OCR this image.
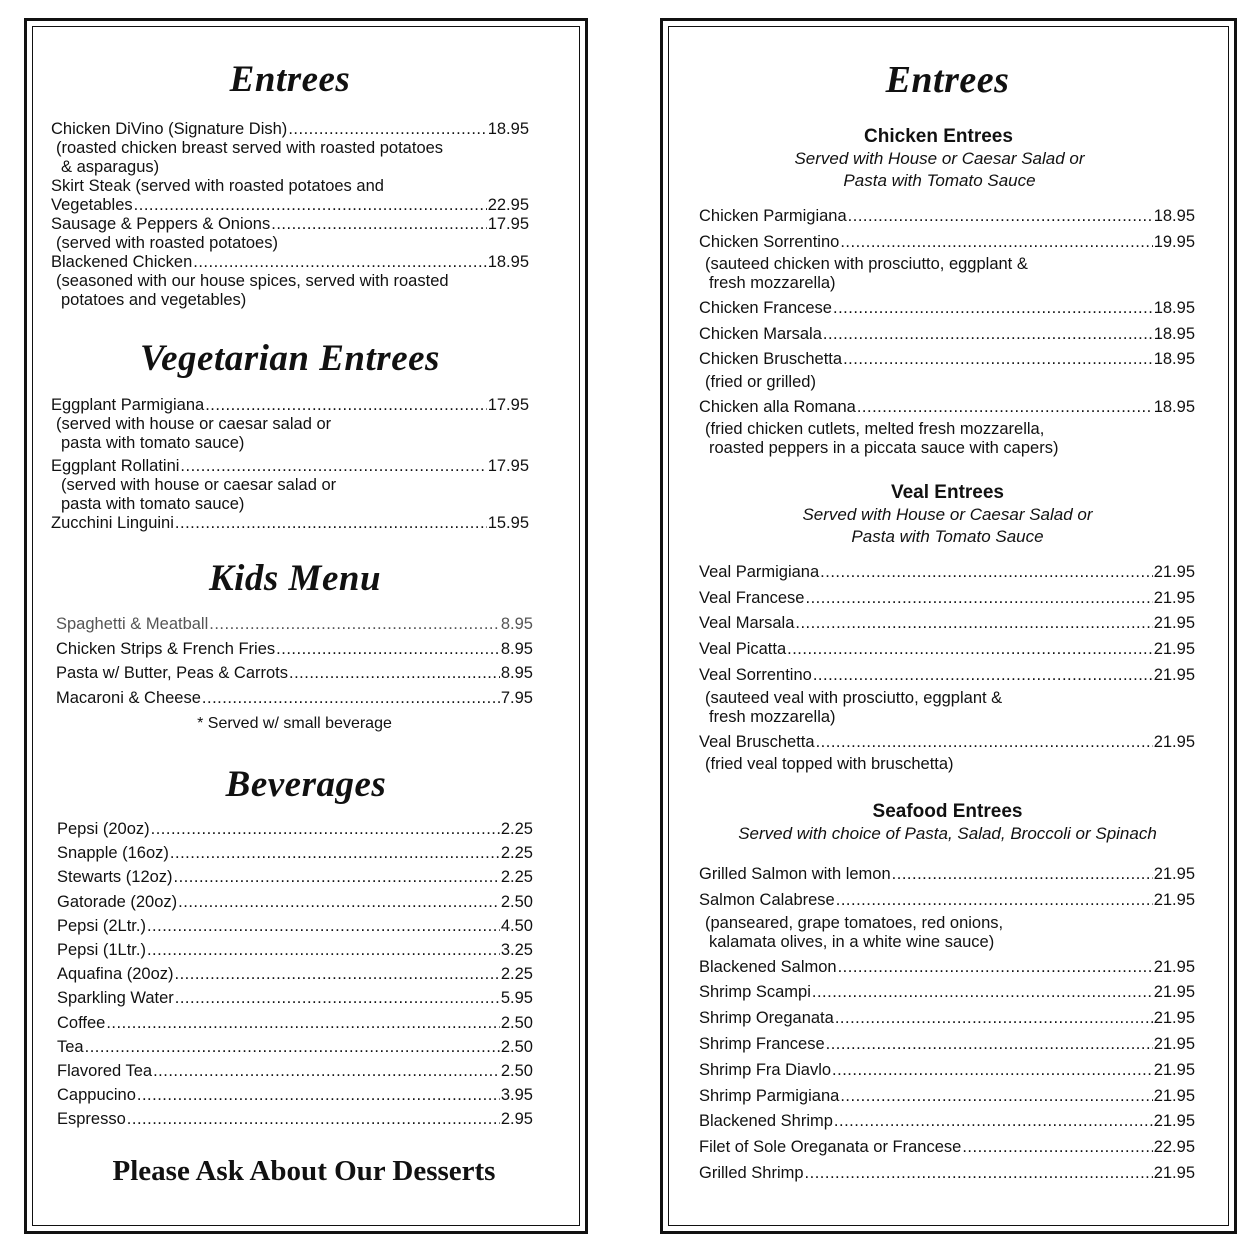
Entrees
Chicken DiVino (Signature Dish) .....	18.95
(roasted chicken breast served with roasted potatoes
& asparagus)
Skirt Steak (served with roasted potatoes and
Vegetables .....	22.95
Sausage & Peppers & Onions .....	17.95
(served with roasted potatoes)
Blackened Chicken .....	18.95
(seasoned with our house spices, served with roasted
potatoes and vegetables)
Vegetarian Entrees
Eggplant Parmigiana .....	17.95
(served with house or caesar salad or
pasta with tomato sauce)
Eggplant Rollatini .....	17.95
(served with house or caesar salad or
pasta with tomato sauce)
Zucchini Linguini .....	15.95
Kids Menu
Spaghetti & Meatball .....	8.95
Chicken Strips & French Fries .....	8.95
Pasta w/ Butter, Peas & Carrots .....	8.95
Macaroni & Cheese .....	7.95
* Served w/ small beverage
Beverages
Pepsi (20oz) .....	2.25
Snapple (16oz) .....	2.25
Stewarts (12oz) .....	2.25
Gatorade (20oz) .....	2.50
Pepsi (2Ltr.) .....	4.50
Pepsi (1Ltr.) .....	3.25
Aquafina (20oz) .....	2.25
Sparkling Water .....	5.95
Coffee .....	2.50
Tea .....	2.50
Flavored Tea .....	2.50
Cappucino .....	3.95
Espresso .....	2.95
Please Ask About Our Desserts
Entrees
Chicken Entrees
Served with House or Caesar Salad or
Pasta with Tomato Sauce
Chicken Parmigiana .....	18.95
Chicken Sorrentino .....	19.95
(sauteed chicken with prosciutto, eggplant &
fresh mozzarella)
Chicken Francese .....	18.95
Chicken Marsala .....	18.95
Chicken Bruschetta .....	18.95
(fried or grilled)
Chicken alla Romana .....	18.95
(fried chicken cutlets, melted fresh mozzarella,
roasted peppers in a piccata sauce with capers)
Veal Entrees
Served with House or Caesar Salad or
Pasta with Tomato Sauce
Veal Parmigiana .....	21.95
Veal Francese .....	21.95
Veal Marsala .....	21.95
Veal Picatta .....	21.95
Veal Sorrentino .....	21.95
(sauteed veal with prosciutto, eggplant &
fresh mozzarella)
Veal Bruschetta .....	21.95
(fried veal topped with bruschetta)
Seafood Entrees
Served with choice of Pasta, Salad, Broccoli or Spinach
Grilled Salmon with lemon .....	21.95
Salmon Calabrese .....	21.95
(panseared, grape tomatoes, red onions,
kalamata olives, in a white wine sauce)
Blackened Salmon .....	21.95
Shrimp Scampi .....	21.95
Shrimp Oreganata .....	21.95
Shrimp Francese .....	21.95
Shrimp Fra Diavlo .....	21.95
Shrimp Parmigiana .....	21.95
Blackened Shrimp .....	21.95
Filet of Sole Oreganata or Francese .....	22.95
Grilled Shrimp .....	21.95
